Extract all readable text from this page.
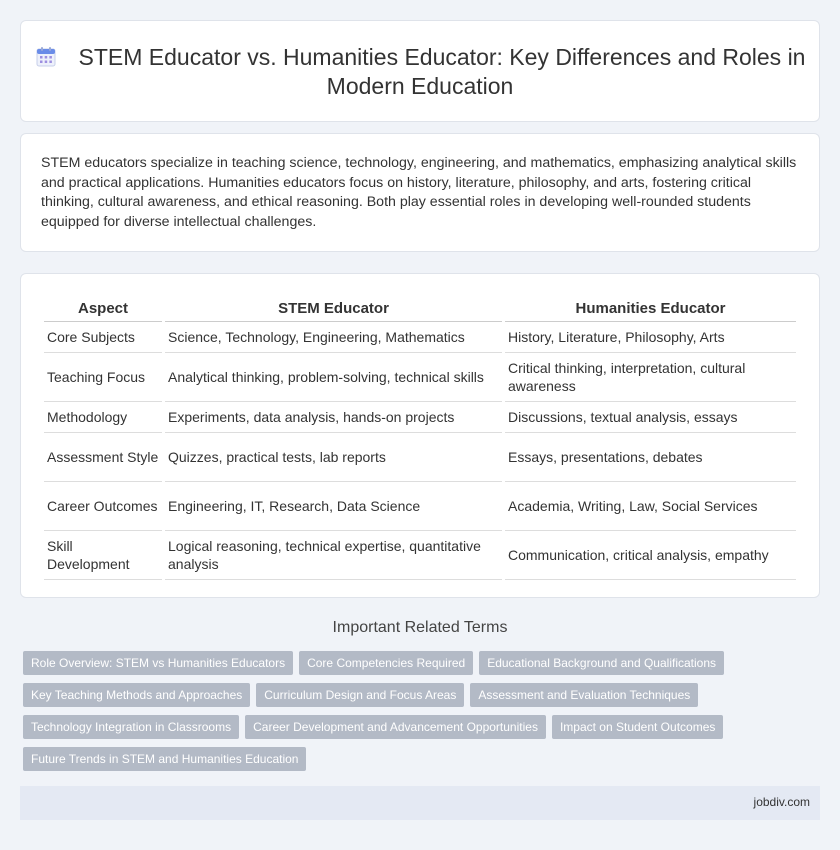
STEM Educator vs. Humanities Educator: Key Differences and Roles in Modern Education

STEM educators specialize in teaching science, technology, engineering, and mathematics, emphasizing analytical skills and practical applications. Humanities educators focus on history, literature, philosophy, and arts, fostering critical thinking, cultural awareness, and ethical reasoning. Both play essential roles in developing well-rounded students equipped for diverse intellectual challenges.

Aspect	STEM Educator	Humanities Educator
Core Subjects	Science, Technology, Engineering, Mathematics	History, Literature, Philosophy, Arts
Teaching Focus	Analytical thinking, problem-solving, technical skills	Critical thinking, interpretation, cultural awareness
Methodology	Experiments, data analysis, hands-on projects	Discussions, textual analysis, essays
Assessment Style	Quizzes, practical tests, lab reports	Essays, presentations, debates
Career Outcomes	Engineering, IT, Research, Data Science	Academia, Writing, Law, Social Services
Skill Development	Logical reasoning, technical expertise, quantitative analysis	Communication, critical analysis, empathy
Important Related Terms
Role Overview: STEM vs Humanities Educators	Core Competencies Required	Educational Background and Qualifications
Key Teaching Methods and Approaches	Curriculum Design and Focus Areas	Assessment and Evaluation Techniques
Technology Integration in Classrooms	Career Development and Advancement Opportunities	Impact on Student Outcomes
Future Trends in STEM and Humanities Education
jobdiv.com
